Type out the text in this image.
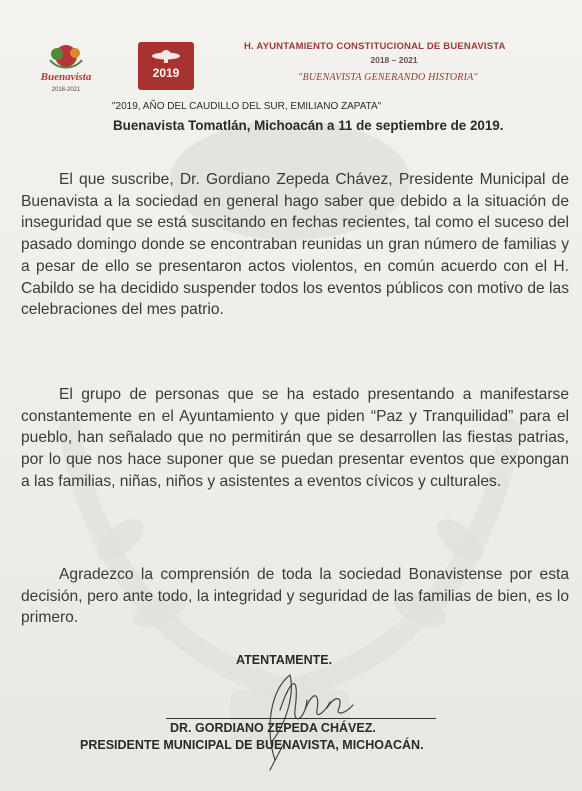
Buenavista
2018-2021
2019
H. AYUNTAMIENTO CONSTITUCIONAL DE BUENAVISTA
2018 – 2021
"BUENAVISTA GENERANDO HISTORIA"
"2019, AÑO DEL CAUDILLO DEL SUR, EMILIANO ZAPATA"
Buenavista Tomatlán, Michoacán a 11 de septiembre de 2019.

El que suscribe, Dr. Gordiano Zepeda Chávez, Presidente Municipal de Buenavista a la sociedad en general hago saber que debido a la situación de inseguridad que se está suscitando en fechas recientes, tal como el suceso del pasado domingo donde se encontraban reunidas un gran número de familias y a pesar de ello se presentaron actos violentos, en común acuerdo con el H. Cabildo se ha decidido suspender todos los eventos públicos con motivo de las celebraciones del mes patrio.

El grupo de personas que se ha estado presentando a manifestarse constantemente en el Ayuntamiento y que piden “Paz y Tranquilidad” para el pueblo, han señalado que no permitirán que se desarrollen las fiestas patrias, por lo que nos hace suponer que se puedan presentar eventos que expongan a las familias, niñas, niños y asistentes a eventos cívicos y culturales.

Agradezco la comprensión de toda la sociedad Bonavistense por esta decisión, pero ante todo, la integridad y seguridad de las familias de bien, es lo primero.

ATENTAMENTE.
DR. GORDIANO ZEPEDA CHÁVEZ.
PRESIDENTE MUNICIPAL DE BUENAVISTA, MICHOACÁN.
